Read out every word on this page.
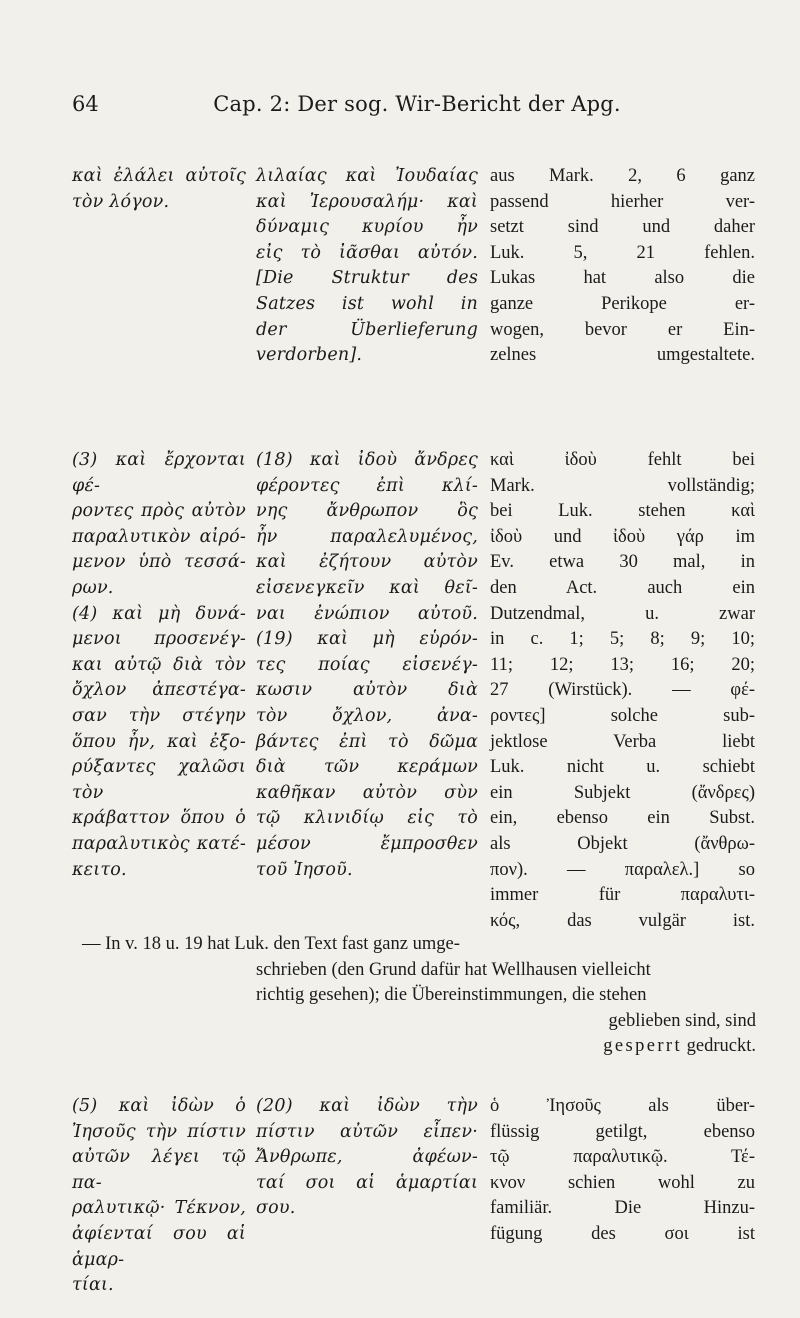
64	Cap. 2: Der sog. Wir-Bericht der Apg.
καὶ ἐλάλει αὐτοῖς
τὸν λόγον.
λιλαίας καὶ Ἰουδαίας
καὶ Ἰερουσαλήμ· καὶ
δύναμις κυρίου ἦν
εἰς τὸ ἰᾶσθαι αὐτόν.
[Die Struktur des
Satzes ist wohl in
der Überlieferung
verdorben].
aus Mark. 2, 6 ganz
passend hierher ver-
setzt sind und daher
Luk. 5, 21 fehlen.
Lukas hat also die
ganze Perikope er-
wogen, bevor er Ein-
zelnes umgestaltete.
(3) καὶ ἔρχονται φέ-
ροντες πρὸς αὐτὸν
παραλυτικὸν αἰρό-
μενον ὑπὸ τεσσά-
ρων.
(4) καὶ μὴ δυνά-
μενοι προσενέγ-
και αὐτῷ διὰ τὸν
ὄχλον ἀπεστέγα-
σαν τὴν στέγην
ὅπου ἦν, καὶ ἐξο-
ρύξαντες χαλῶσι τὸν
κράβαττον ὅπου ὁ
παραλυτικὸς κατέ-
κειτο.
(18) καὶ ἰδοὺ ἄνδρες
φέροντες ἐπὶ κλί-
νης ἄνθρωπον ὃς
ἦν παραλελυμένος,
καὶ ἐζήτουν αὐτὸν
εἰσενεγκεῖν καὶ θεῖ-
ναι ἐνώπιον αὐτοῦ.
(19) καὶ μὴ εὑρόν-
τες ποίας εἰσενέγ-
κωσιν αὐτὸν διὰ
τὸν ὄχλον, ἀνα-
βάντες ἐπὶ τὸ δῶμα
διὰ τῶν κεράμων
καθῆκαν αὐτὸν σὺν
τῷ κλινιδίῳ εἰς τὸ
μέσον ἔμπροσθεν
τοῦ Ἰησοῦ.
καὶ ἰδοὺ fehlt bei
Mark. vollständig;
bei Luk. stehen καὶ
ἰδοὺ und ἰδοὺ γάρ im
Ev. etwa 30 mal, in
den Act. auch ein
Dutzendmal, u. zwar
in c. 1; 5; 8; 9; 10;
11; 12; 13; 16; 20;
27 (Wirstück). — φέ-
ροντες] solche sub-
jektlose Verba liebt
Luk. nicht u. schiebt
ein Subjekt (ἄνδρες)
ein, ebenso ein Subst.
als Objekt (ἄνθρω-
πον). — παραλελ.] so
immer für παραλυτι-
κός, das vulgär ist.
— In v. 18 u. 19 hat Luk. den Text fast ganz umge-
schrieben (den Grund dafür hat Wellhausen vielleicht
richtig gesehen); die Übereinstimmungen, die stehen
geblieben sind, sind
gesperrt gedruckt.
(5) καὶ ἰδὼν ὁ
Ἰησοῦς τὴν πίστιν
αὐτῶν λέγει τῷ πα-
ραλυτικῷ· Τέκνον,
ἀφίενταί σου αἱ ἁμαρ-
τίαι.
(20) καὶ ἰδὼν τὴν
πίστιν αὐτῶν εἶπεν·
Ἄνθρωπε, ἀφέων-
ταί σοι αἱ ἁμαρτίαι
σου.
ὁ Ἰησοῦς als über-
flüssig getilgt, ebenso
τῷ παραλυτικῷ. Τέ-
κνον schien wohl zu
familiär. Die Hinzu-
fügung des σοι ist
